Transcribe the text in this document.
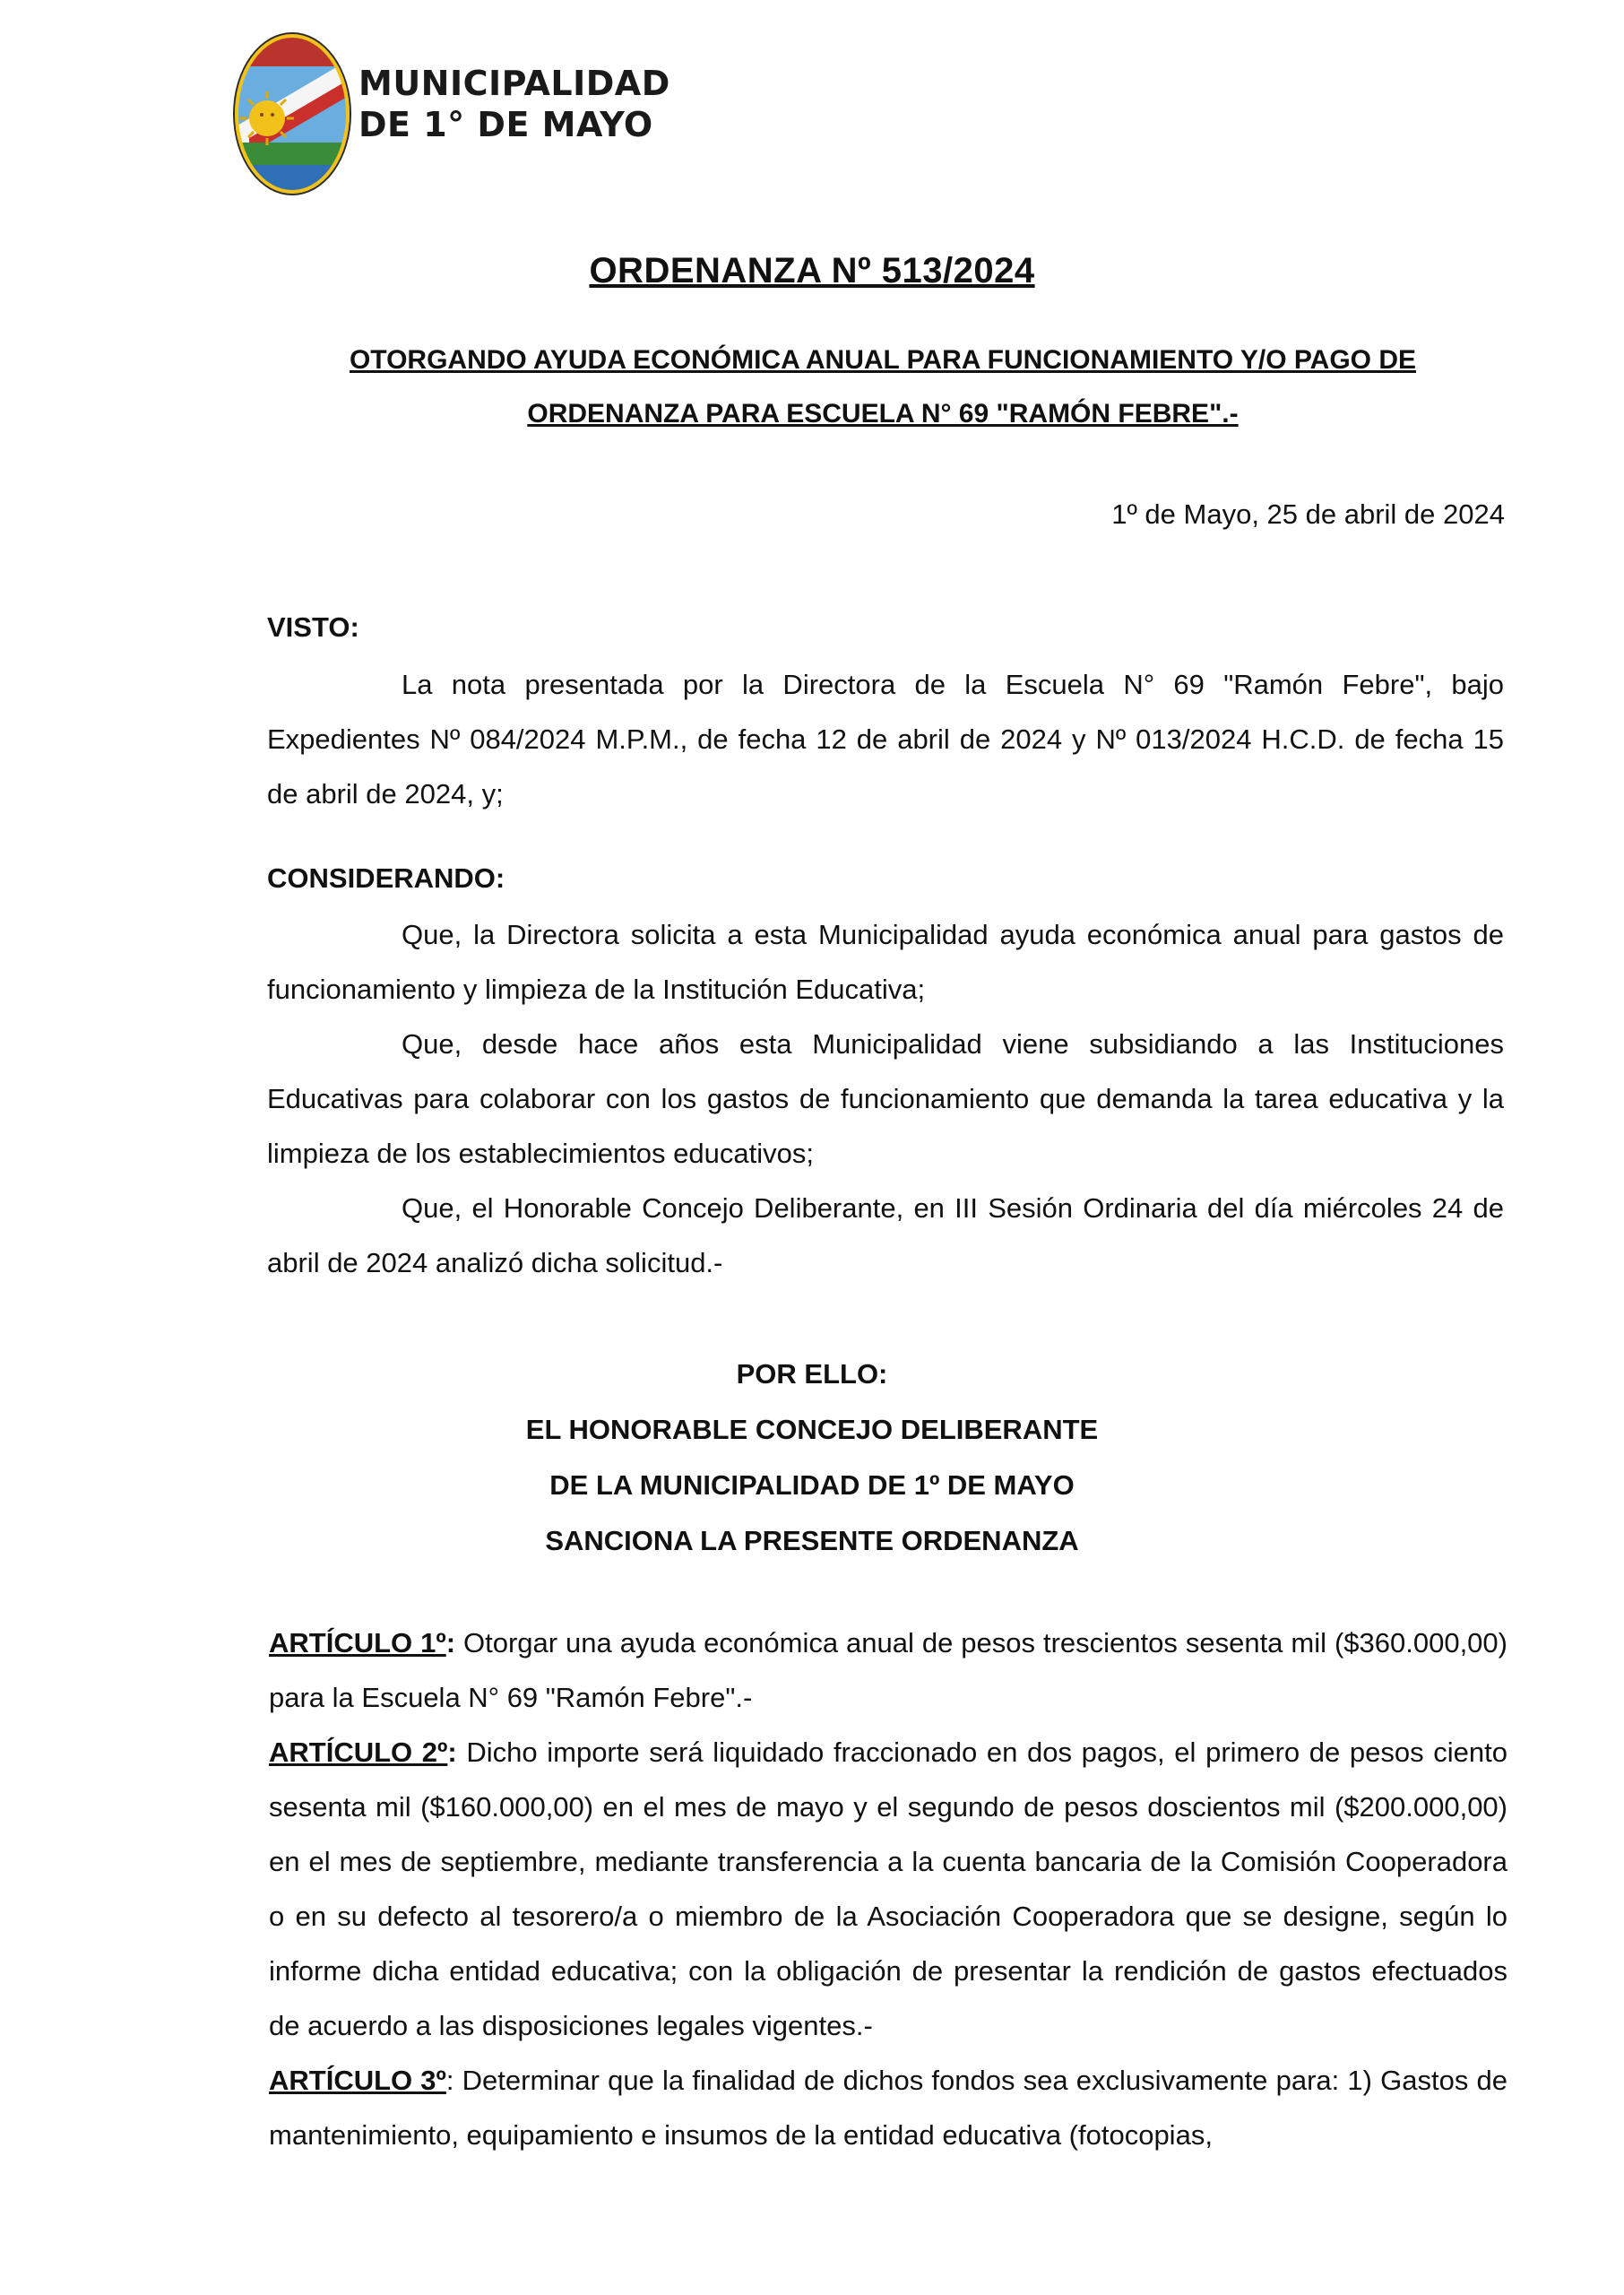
MUNICIPALIDAD
DE 1° DE MAYO
ORDENANZA Nº 513/2024
OTORGANDO AYUDA ECONÓMICA ANUAL PARA FUNCIONAMIENTO Y/O PAGO DE ORDENANZA PARA ESCUELA N° 69 "RAMÓN FEBRE".-
1º de Mayo, 25 de abril de 2024
VISTO:
La nota presentada por la Directora de la Escuela N° 69 "Ramón Febre", bajo Expedientes Nº 084/2024 M.P.M., de fecha 12 de abril de 2024 y Nº 013/2024 H.C.D. de fecha 15 de abril de 2024, y;
CONSIDERANDO:
Que, la Directora solicita a esta Municipalidad ayuda económica anual para gastos de funcionamiento y limpieza de la Institución Educativa;
Que, desde hace años esta Municipalidad viene subsidiando a las Instituciones Educativas para colaborar con los gastos de funcionamiento que demanda la tarea educativa y la limpieza de los establecimientos educativos;
Que, el Honorable Concejo Deliberante, en III Sesión Ordinaria del día miércoles 24 de abril de 2024 analizó dicha solicitud.-
POR ELLO:
EL HONORABLE CONCEJO DELIBERANTE
DE LA MUNICIPALIDAD DE 1º DE MAYO
SANCIONA LA PRESENTE ORDENANZA
ARTÍCULO 1º: Otorgar una ayuda económica anual de pesos trescientos sesenta mil ($360.000,00) para la Escuela N° 69 "Ramón Febre".-
ARTÍCULO 2º: Dicho importe será liquidado fraccionado en dos pagos, el primero de pesos ciento sesenta mil ($160.000,00) en el mes de mayo y el segundo de pesos doscientos mil ($200.000,00) en el mes de septiembre, mediante transferencia a la cuenta bancaria de la Comisión Cooperadora o en su defecto al tesorero/a o miembro de la Asociación Cooperadora que se designe, según lo informe dicha entidad educativa; con la obligación de presentar la rendición de gastos efectuados de acuerdo a las disposiciones legales vigentes.-
ARTÍCULO 3º: Determinar que la finalidad de dichos fondos sea exclusivamente para: 1) Gastos de mantenimiento, equipamiento e insumos de la entidad educativa (fotocopias,
